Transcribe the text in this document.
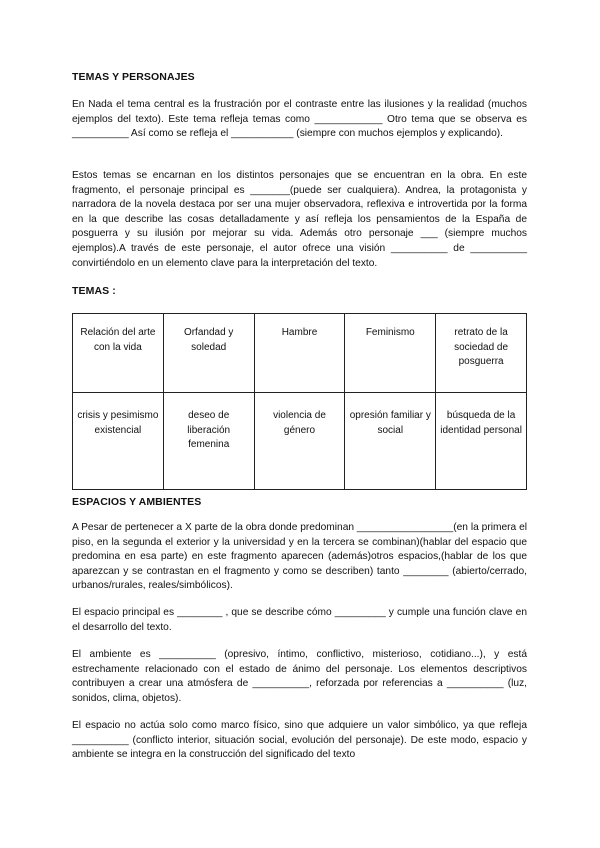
TEMAS Y PERSONAJES

En Nada el tema central es la frustración por el contraste entre las ilusiones y la realidad (muchos ejemplos del texto). Este tema refleja temas como ____________ Otro tema que se observa es __________ Así como se refleja el ___________ (siempre con muchos ejemplos y explicando).

Estos temas se encarnan en los distintos personajes que se encuentran en la obra. En este fragmento, el personaje principal es _______(puede ser cualquiera). Andrea, la protagonista y narradora de la novela destaca por ser una mujer observadora, reflexiva e introvertida por la forma en la que describe las cosas detalladamente y así refleja los pensamientos de la España de posguerra y su ilusión por mejorar su vida. Además otro personaje ___ (siempre muchos ejemplos).A través de este personaje, el autor ofrece una visión __________ de __________ convirtiéndolo en un elemento clave para la interpretación del texto.

TEMAS :
Relación del arte con la vida	Orfandad y soledad	Hambre	Feminismo	retrato de la sociedad de posguerra
crisis y pesimismo existencial	deseo de liberación femenina	violencia de género	opresión familiar y social	búsqueda de la identidad personal
ESPACIOS Y AMBIENTES

A Pesar de pertenecer a X parte de la obra donde predominan _________________(en la primera el piso, en la segunda el exterior y la universidad y en la tercera se combinan)(hablar del espacio que predomina en esa parte) en este fragmento aparecen (además)otros espacios,(hablar de los que aparezcan y se contrastan en el fragmento y como se describen) tanto ________ (abierto/cerrado, urbanos/rurales, reales/simbólicos).

El espacio principal es ________ , que se describe cómo _________ y cumple una función clave en el desarrollo del texto.

El ambiente es __________ (opresivo, íntimo, conflictivo, misterioso, cotidiano...), y está estrechamente relacionado con el estado de ánimo del personaje. Los elementos descriptivos contribuyen a crear una atmósfera de __________, reforzada por referencias a __________ (luz, sonidos, clima, objetos).

El espacio no actúa solo como marco físico, sino que adquiere un valor simbólico, ya que refleja __________ (conflicto interior, situación social, evolución del personaje). De este modo, espacio y ambiente se integra en la construcción del significado del texto
